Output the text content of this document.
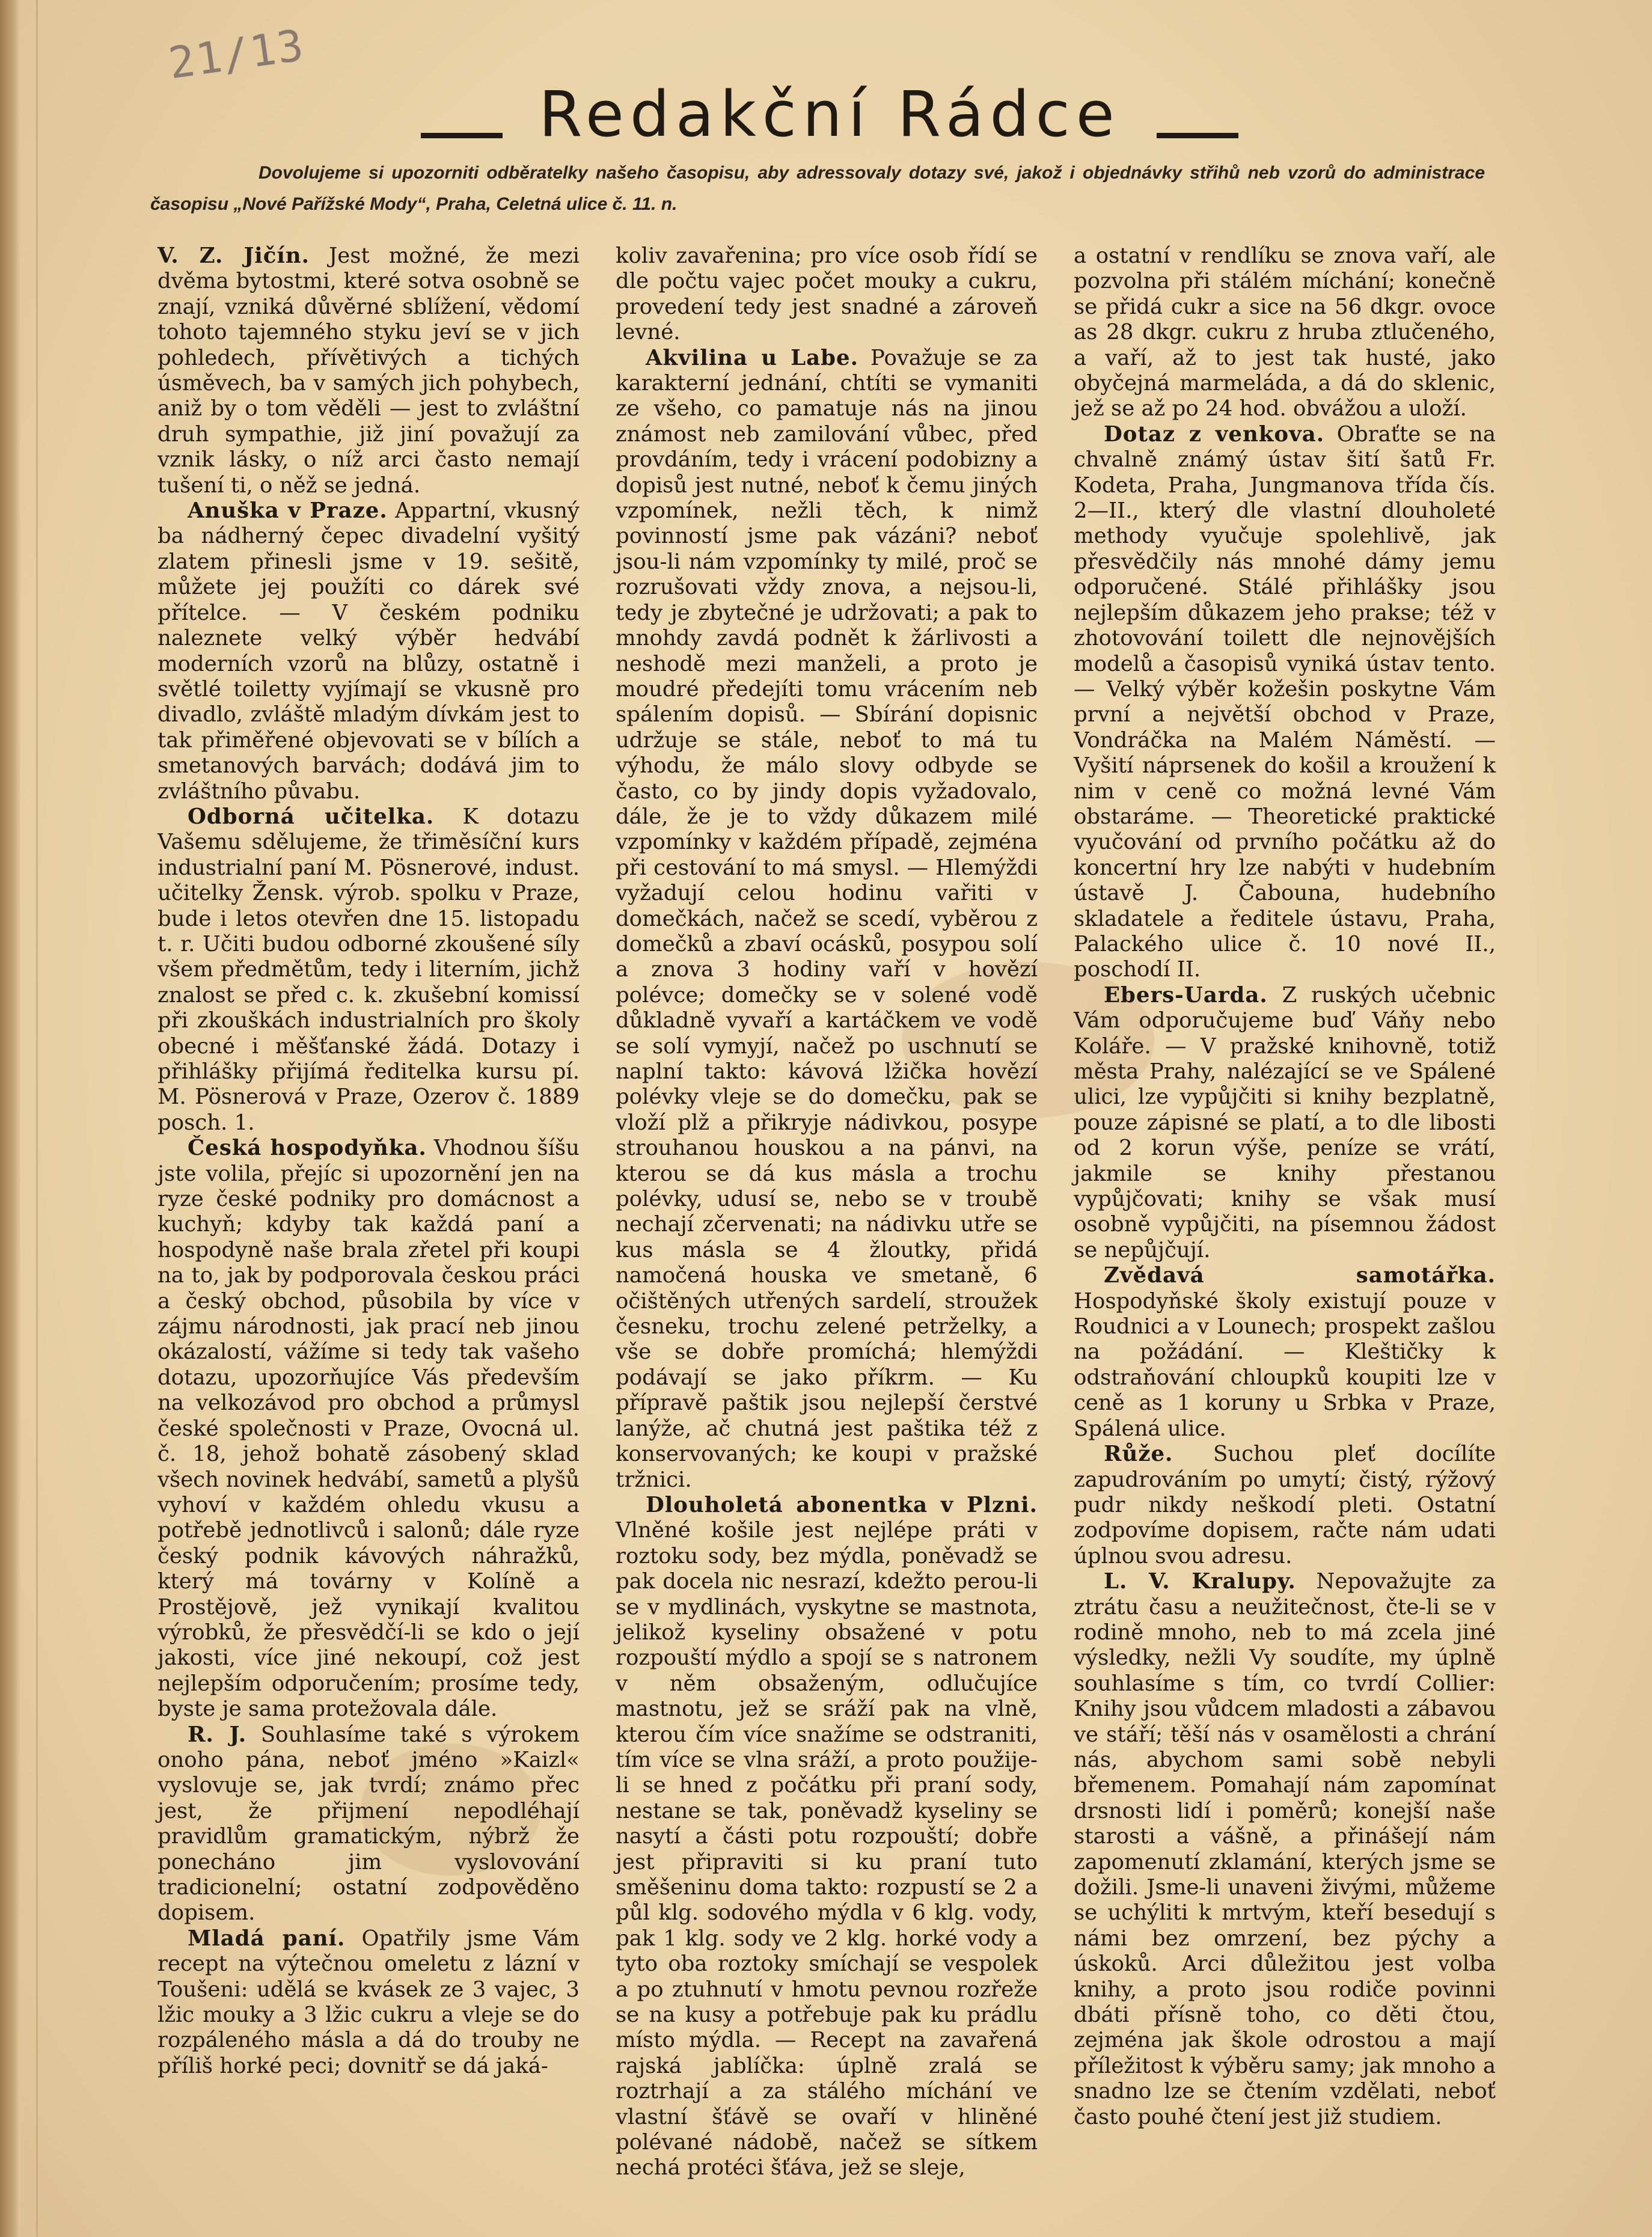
21/13
Redakční Rádce
Dovolujeme si upozorniti odběratelky našeho časopisu, aby adressovaly dotazy své, jakož i objednávky střihů neb vzorů do administrace časopisu „Nové Pařížské Mody“, Praha, Celetná ulice č. 11. n.

V. Z. Jičín. Jest možné, že mezi dvěma bytostmi, které sotva osobně se znají, vzniká důvěrné sblížení, vědomí tohoto tajemného styku jeví se v jich pohledech, přívětivých a tichých úsměvech, ba v samých jich pohybech, aniž by o tom věděli — jest to zvláštní druh sympathie, již jiní považují za vznik lásky, o níž arci často nemají tušení ti, o něž se jedná.

Anuška v Praze. Appartní, vkusný ba nádherný čepec divadelní vyšitý zlatem přinesli jsme v 19. sešitě, můžete jej použíti co dárek své přítelce. — V českém podniku naleznete velký výběr hedvábí moderních vzorů na blůzy, ostatně i světlé toiletty vyjímají se vkusně pro divadlo, zvláště mladým dívkám jest to tak přiměřené objevovati se v bílích a smetanových barvách; dodává jim to zvláštního půvabu.

Odborná učitelka. K dotazu Vašemu sdělujeme, že třiměsíční kurs industrialní paní M. Pösnerové, indust. učitelky Žensk. výrob. spolku v Praze, bude i letos otevřen dne 15. listopadu t. r. Učiti budou odborné zkoušené síly všem předmětům, tedy i literním, jichž znalost se před c. k. zkušební komissí při zkouškách industrialních pro školy obecné i měšťanské žádá. Dotazy i přihlášky přijímá ředitelka kursu pí. M. Pösnerová v Praze, Ozerov č. 1889 posch. 1.

Česká hospodyňka. Vhodnou šíšu jste volila, přejíc si upozornění jen na ryze české podniky pro domácnost a kuchyň; kdyby tak každá paní a hospodyně naše brala zřetel při koupi na to, jak by podporovala českou práci a český obchod, působila by více v zájmu národnosti, jak prací neb jinou okázalostí, vážíme si tedy tak vašeho dotazu, upozorňujíce Vás především na velkozávod pro obchod a průmysl české společnosti v Praze, Ovocná ul. č. 18, jehož bohatě zásobený sklad všech novinek hedvábí, sametů a plyšů vyhoví v každém ohledu vkusu a potřebě jednotlivců i salonů; dále ryze český podnik kávových náhražků, který má továrny v Kolíně a Prostějově, jež vynikají kvalitou výrobků, že přesvědčí-li se kdo o její jakosti, více jiné nekoupí, což jest nejlepším odporučením; prosíme tedy, byste je sama protežovala dále.

R. J. Souhlasíme také s výrokem onoho pána, neboť jméno »Kaizl« vyslovuje se, jak tvrdí; známo přec jest, že přijmení nepodléhají pravidlům gramatickým, nýbrž že ponecháno jim vyslovování tradicionelní; ostatní zodpověděno dopisem.

Mladá paní. Opatřily jsme Vám recept na výtečnou omeletu z lázní v Toušeni: udělá se kvásek ze 3 vajec, 3 lžic mouky a 3 lžic cukru a vleje se do rozpáleného másla a dá do trouby ne příliš horké peci; dovnitř se dá jaká-

koliv zavařenina; pro více osob řídí se dle počtu vajec počet mouky a cukru, provedení tedy jest snadné a zároveň levné.

Akvilina u Labe. Považuje se za karakterní jednání, chtíti se vymaniti ze všeho, co pamatuje nás na jinou známost neb zamilování vůbec, před provdáním, tedy i vrácení podobizny a dopisů jest nutné, neboť k čemu jiných vzpomínek, nežli těch, k nimž povinností jsme pak vázáni? neboť jsou-li nám vzpomínky ty milé, proč se rozrušovati vždy znova, a nejsou-li, tedy je zbytečné je udržovati; a pak to mnohdy zavdá podnět k žárlivosti a neshodě mezi manželi, a proto je moudré předejíti tomu vrácením neb spálením dopisů. — Sbírání dopisnic udržuje se stále, neboť to má tu výhodu, že málo slovy odbyde se často, co by jindy dopis vyžadovalo, dále, že je to vždy důkazem milé vzpomínky v každém případě, zejména při cestování to má smysl. — Hlemýždi vyžadují celou hodinu vařiti v domečkách, načež se scedí, vyběrou z domečků a zbaví ocásků, posypou solí a znova 3 hodiny vaří v hovězí polévce; domečky se v solené vodě důkladně vyvaří a kartáčkem ve vodě se solí vymyjí, načež po uschnutí se naplní takto: kávová lžička hovězí polévky vleje se do domečku, pak se vloží plž a přikryje nádivkou, posype strouhanou houskou a na pánvi, na kterou se dá kus másla a trochu polévky, udusí se, nebo se v troubě nechají zčervenati; na nádivku utře se kus másla se 4 žloutky, přidá namočená houska ve smetaně, 6 očištěných utřených sardelí, stroužek česneku, trochu zelené petrželky, a vše se dobře promíchá; hlemýždi podávají se jako příkrm. — Ku přípravě paštik jsou nejlepší čerstvé lanýže, ač chutná jest paštika též z konservovaných; ke koupi v pražské tržnici.

Dlouholetá abonentka v Plzni. Vlněné košile jest nejlépe práti v roztoku sody, bez mýdla, poněvadž se pak docela nic nesrazí, kdežto perou-li se v mydlinách, vyskytne se mastnota, jelikož kyseliny obsažené v potu rozpouští mýdlo a spojí se s natronem v něm obsaženým, odlučujíce mastnotu, jež se sráží pak na vlně, kterou čím více snažíme se odstraniti, tím více se vlna sráží, a proto použije-li se hned z počátku při praní sody, nestane se tak, poněvadž kyseliny se nasytí a části potu rozpouští; dobře jest připraviti si ku praní tuto směšeninu doma takto: rozpustí se 2 a půl klg. sodového mýdla v 6 klg. vody, pak 1 klg. sody ve 2 klg. horké vody a tyto oba roztoky smíchají se vespolek a po ztuhnutí v hmotu pevnou rozřeže se na kusy a potřebuje pak ku prádlu místo mýdla. — Recept na zavařená rajská jablíčka: úplně zralá se roztrhají a za stálého míchání ve vlastní šťávě se ovaří v hliněné polévané nádobě, načež se sítkem nechá protéci šťáva, jež se sleje,

a ostatní v rendlíku se znova vaří, ale pozvolna při stálém míchání; konečně se přidá cukr a sice na 56 dkgr. ovoce as 28 dkgr. cukru z hruba ztlučeného, a vaří, až to jest tak husté, jako obyčejná marmeláda, a dá do sklenic, jež se až po 24 hod. obvážou a uloží.

Dotaz z venkova. Obraťte se na chvalně známý ústav šití šatů Fr. Kodeta, Praha, Jungmanova třída čís. 2—II., který dle vlastní dlouholeté methody vyučuje spolehlivě, jak přesvědčily nás mnohé dámy jemu odporučené. Stálé přihlášky jsou nejlepším důkazem jeho prakse; též v zhotovování toilett dle nejnovějších modelů a časopisů vyniká ústav tento. — Velký výběr kožešin poskytne Vám první a největší obchod v Praze, Vondráčka na Malém Náměstí. — Vyšití náprsenek do košil a kroužení k nim v ceně co možná levné Vám obstaráme. — Theoretické praktické vyučování od prvního počátku až do koncertní hry lze nabýti v hudebním ústavě J. Čabouna, hudebního skladatele a ředitele ústavu, Praha, Palackého ulice č. 10 nové II., poschodí II.

Ebers-Uarda. Z ruských učebnic Vám odporučujeme buď Váňy nebo Koláře. — V pražské knihovně, totiž města Prahy, nalézající se ve Spálené ulici, lze vypůjčiti si knihy bezplatně, pouze zápisné se platí, a to dle libosti od 2 korun výše, peníze se vrátí, jakmile se knihy přestanou vypůjčovati; knihy se však musí osobně vypůjčiti, na písemnou žádost se nepůjčují.

Zvědavá samotářka. Hospodyňské školy existují pouze v Roudnici a v Lounech; prospekt zašlou na požádání. — Kleštičky k odstraňování chloupků koupiti lze v ceně as 1 koruny u Srbka v Praze, Spálená ulice.

Růže. Suchou pleť docílíte zapudrováním po umytí; čistý, rýžový pudr nikdy neškodí pleti. Ostatní zodpovíme dopisem, račte nám udati úplnou svou adresu.

L. V. Kralupy. Nepovažujte za ztrátu času a neužitečnost, čte-li se v rodině mnoho, neb to má zcela jiné výsledky, nežli Vy soudíte, my úplně souhlasíme s tím, co tvrdí Collier: Knihy jsou vůdcem mladosti a zábavou ve stáří; těší nás v osamělosti a chrání nás, abychom sami sobě nebyli břemenem. Pomahají nám zapomínat drsnosti lidí i poměrů; konejší naše starosti a vášně, a přinášejí nám zapomenutí zklamání, kterých jsme se dožili. Jsme-li unaveni živými, můžeme se uchýliti k mrtvým, kteří besedují s námi bez omrzení, bez pýchy a úskoků. Arci důležitou jest volba knihy, a proto jsou rodiče povinni dbáti přísně toho, co děti čtou, zejména jak škole odrostou a mají příležitost k výběru samy; jak mnoho a snadno lze se čtením vzdělati, neboť často pouhé čtení jest již studiem.
